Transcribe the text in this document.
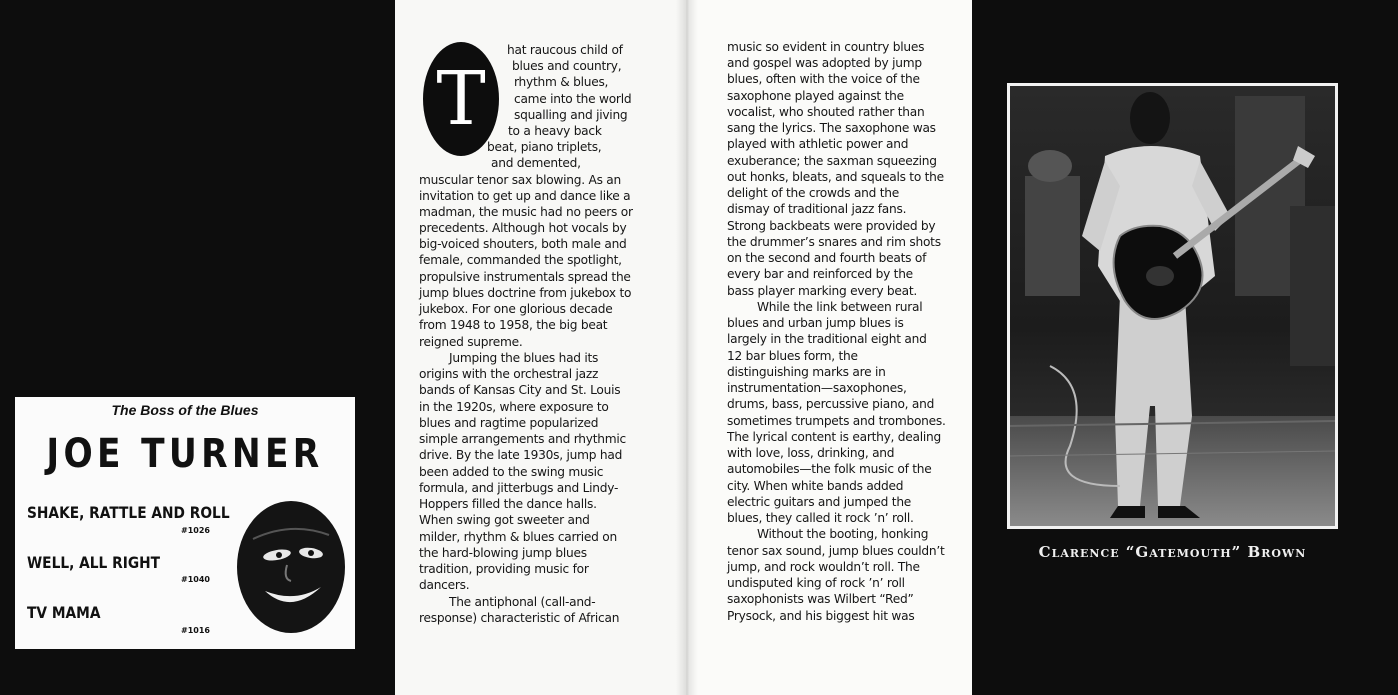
The Boss of the Blues
JOE TURNER
SHAKE, RATTLE AND ROLL
#1026
WELL, ALL RIGHT
#1040
TV MAMA
#1016
T
hat raucous child of
blues and country,
rhythm & blues,
came into the world
squalling and jiving
to a heavy back
beat, piano triplets,
and demented,
muscular tenor sax blowing. As an
invitation to get up and dance like a
madman, the music had no peers or
precedents. Although hot vocals by
big-voiced shouters, both male and
female, commanded the spotlight,
propulsive instrumentals spread the
jump blues doctrine from jukebox to
jukebox. For one glorious decade
from 1948 to 1958, the big beat
reigned supreme.
Jumping the blues had its
origins with the orchestral jazz
bands of Kansas City and St. Louis
in the 1920s, where exposure to
blues and ragtime popularized
simple arrangements and rhythmic
drive. By the late 1930s, jump had
been added to the swing music
formula, and jitterbugs and Lindy-
Hoppers filled the dance halls.
When swing got sweeter and
milder, rhythm & blues carried on
the hard-blowing jump blues
tradition, providing music for
dancers.
The antiphonal (call-and-
response) characteristic of African
music so evident in country blues
and gospel was adopted by jump
blues, often with the voice of the
saxophone played against the
vocalist, who shouted rather than
sang the lyrics. The saxophone was
played with athletic power and
exuberance; the saxman squeezing
out honks, bleats, and squeals to the
delight of the crowds and the
dismay of traditional jazz fans.
Strong backbeats were provided by
the drummer’s snares and rim shots
on the second and fourth beats of
every bar and reinforced by the
bass player marking every beat.
While the link between rural
blues and urban jump blues is
largely in the traditional eight and
12 bar blues form, the
distinguishing marks are in
instrumentation—saxophones,
drums, bass, percussive piano, and
sometimes trumpets and trombones.
The lyrical content is earthy, dealing
with love, loss, drinking, and
automobiles—the folk music of the
city. When white bands added
electric guitars and jumped the
blues, they called it rock ’n’ roll.
Without the booting, honking
tenor sax sound, jump blues couldn’t
jump, and rock wouldn’t roll. The
undisputed king of rock ’n’ roll
saxophonists was Wilbert “Red”
Prysock, and his biggest hit was
Clarence “Gatemouth” Brown
